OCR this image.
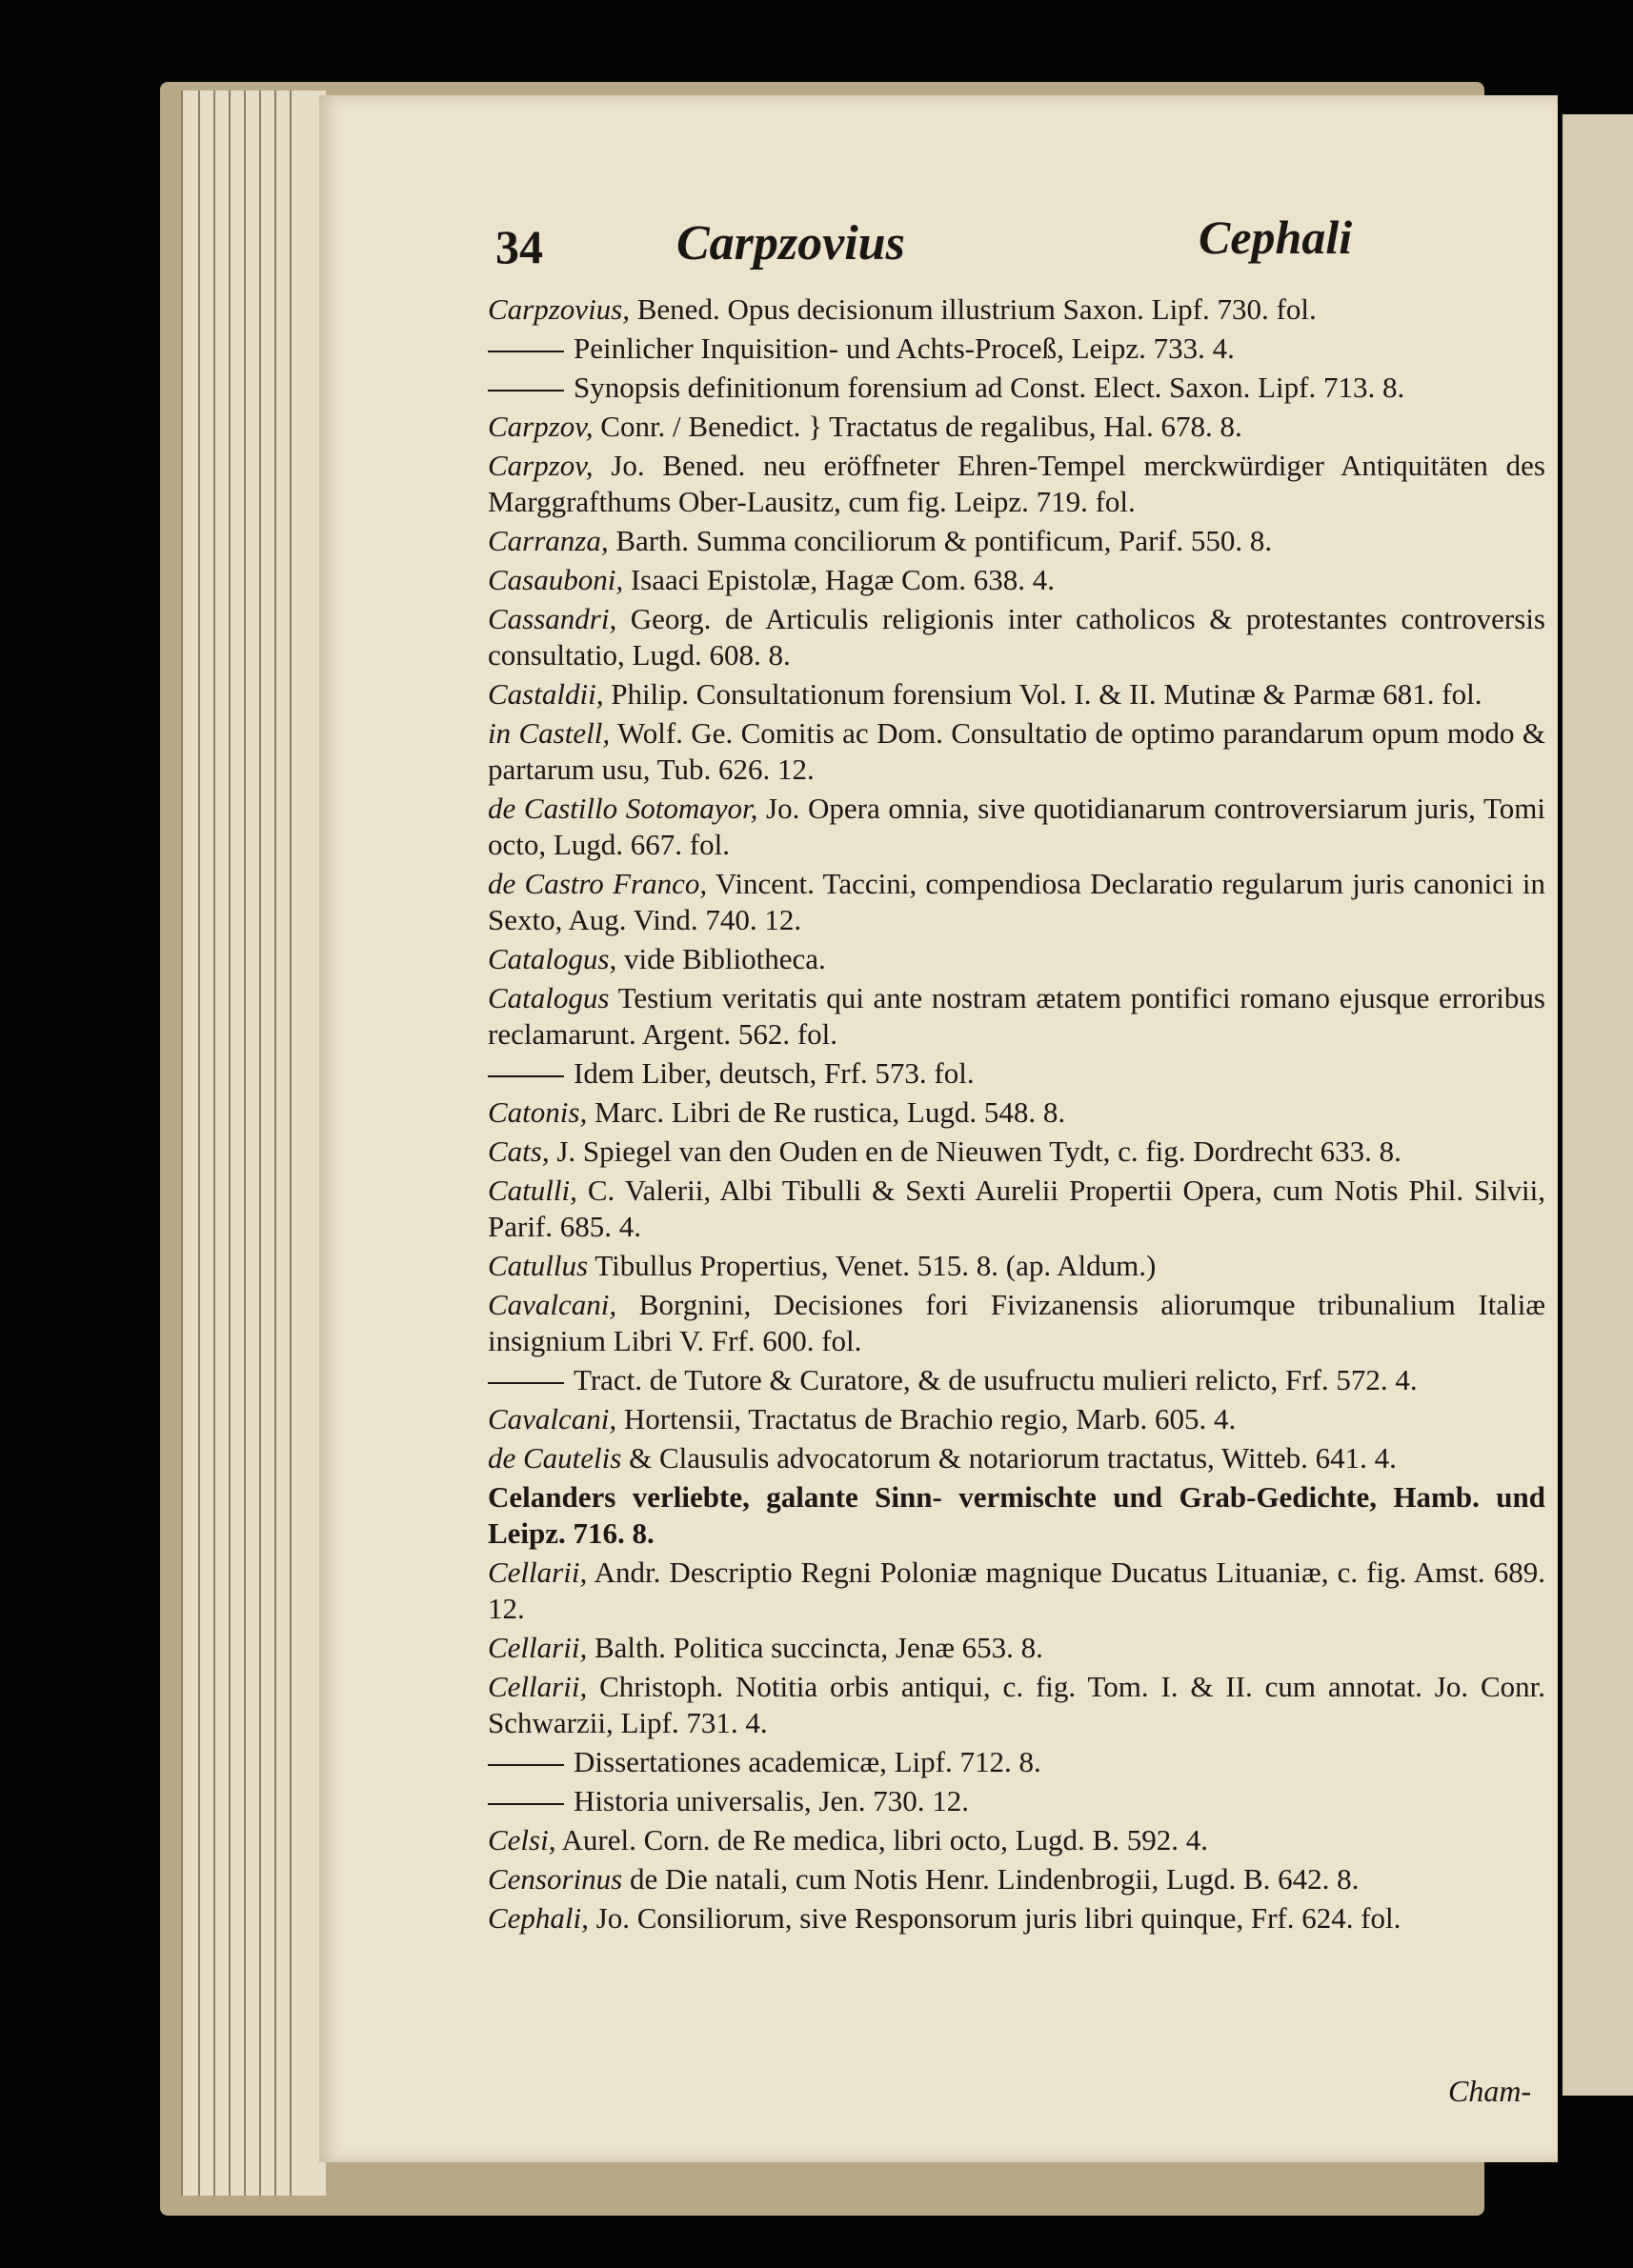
34	Carpzovius	Cephali
Carpzovius, Bened. Opus decisionum illustrium Saxon. Lipf. 730. fol.
Peinlicher Inquisition- und Achts-Proceß, Leipz. 733. 4.
Synopsis definitionum forensium ad Const. Elect. Saxon. Lipf. 713. 8.
Carpzov, Conr. / Benedict. } Tractatus de regalibus, Hal. 678. 8.
Carpzov, Jo. Bened. neu eröffneter Ehren-Tempel merckwürdiger Antiquitäten des Marggrafthums Ober-Lausitz, cum fig. Leipz. 719. fol.
Carranza, Barth. Summa conciliorum & pontificum, Parif. 550. 8.
Casauboni, Isaaci Epistolæ, Hagæ Com. 638. 4.
Cassandri, Georg. de Articulis religionis inter catholicos & protestantes controversis consultatio, Lugd. 608. 8.
Castaldii, Philip. Consultationum forensium Vol. I. & II. Mutinæ & Parmæ 681. fol.
in Castell, Wolf. Ge. Comitis ac Dom. Consultatio de optimo parandarum opum modo & partarum usu, Tub. 626. 12.
de Castillo Sotomayor, Jo. Opera omnia, sive quotidianarum controversiarum juris, Tomi octo, Lugd. 667. fol.
de Castro Franco, Vincent. Taccini, compendiosa Declaratio regularum juris canonici in Sexto, Aug. Vind. 740. 12.
Catalogus, vide Bibliotheca.
Catalogus Testium veritatis qui ante nostram ætatem pontifici romano ejusque erroribus reclamarunt. Argent. 562. fol.
Idem Liber, deutsch, Frf. 573. fol.
Catonis, Marc. Libri de Re rustica, Lugd. 548. 8.
Cats, J. Spiegel van den Ouden en de Nieuwen Tydt, c. fig. Dordrecht 633. 8.
Catulli, C. Valerii, Albi Tibulli & Sexti Aurelii Propertii Opera, cum Notis Phil. Silvii, Parif. 685. 4.
Catullus Tibullus Propertius, Venet. 515. 8. (ap. Aldum.)
Cavalcani, Borgnini, Decisiones fori Fivizanensis aliorumque tribunalium Italiæ insignium Libri V. Frf. 600. fol.
Tract. de Tutore & Curatore, & de usufructu mulieri relicto, Frf. 572. 4.
Cavalcani, Hortensii, Tractatus de Brachio regio, Marb. 605. 4.
de Cautelis & Clausulis advocatorum & notariorum tractatus, Witteb. 641. 4.
Celanders verliebte, galante Sinn- vermischte und Grab-Gedichte, Hamb. und Leipz. 716. 8.
Cellarii, Andr. Descriptio Regni Poloniæ magnique Ducatus Lituaniæ, c. fig. Amst. 689. 12.
Cellarii, Balth. Politica succincta, Jenæ 653. 8.
Cellarii, Christoph. Notitia orbis antiqui, c. fig. Tom. I. & II. cum annotat. Jo. Conr. Schwarzii, Lipf. 731. 4.
Dissertationes academicæ, Lipf. 712. 8.
Historia universalis, Jen. 730. 12.
Celsi, Aurel. Corn. de Re medica, libri octo, Lugd. B. 592. 4.
Censorinus de Die natali, cum Notis Henr. Lindenbrogii, Lugd. B. 642. 8.
Cephali, Jo. Consiliorum, sive Responsorum juris libri quinque, Frf. 624. fol.
Cham-
